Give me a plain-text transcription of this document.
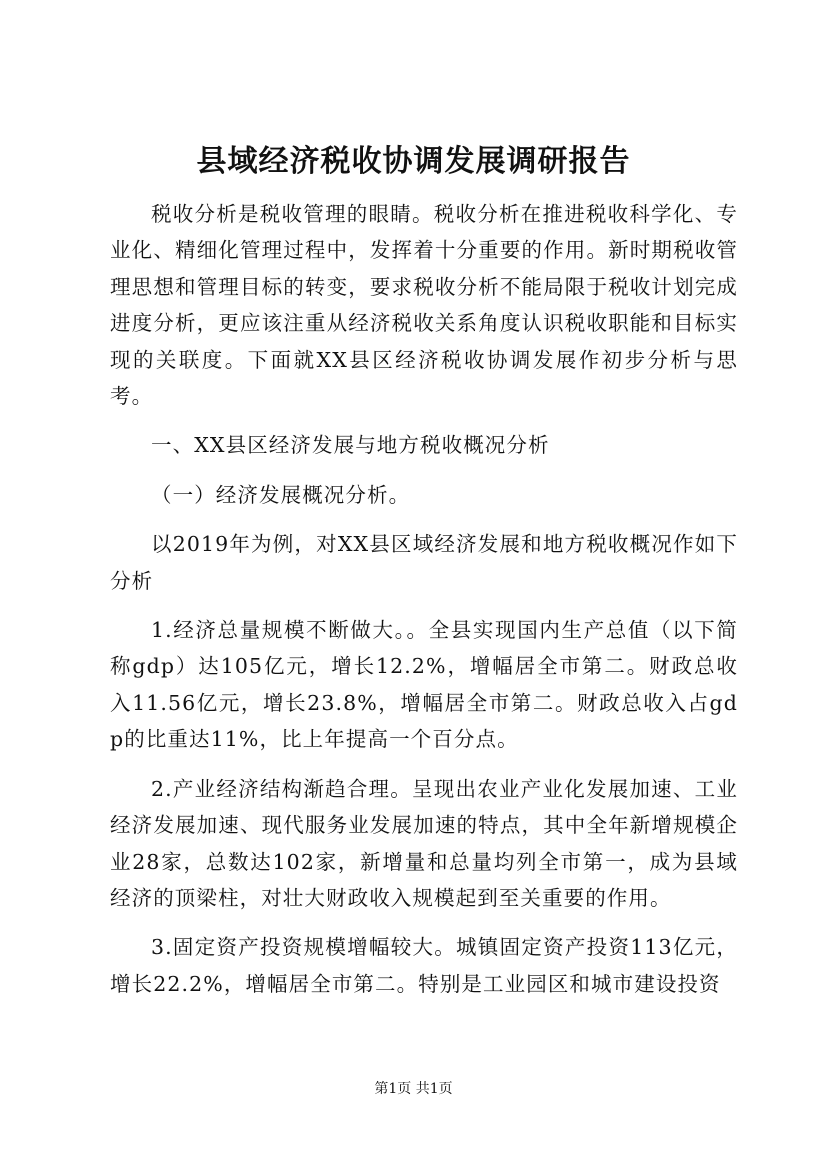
县域经济税收协调发展调研报告

税收分析是税收管理的眼睛。税收分析在推进税收科学化、专业化、精细化管理过程中，发挥着十分重要的作用。新时期税收管理思想和管理目标的转变，要求税收分析不能局限于税收计划完成进度分析，更应该注重从经济税收关系角度认识税收职能和目标实现的关联度。下面就XX县区经济税收协调发展作初步分析与思考。

一、XX县区经济发展与地方税收概况分析

（一）经济发展概况分析。

以2019年为例，对XX县区域经济发展和地方税收概况作如下分析

1.经济总量规模不断做大。。全县实现国内生产总值（以下简称gdp）达105亿元，增长12.2%，增幅居全市第二。财政总收入11.56亿元，增长23.8%，增幅居全市第二。财政总收入占gdp的比重达11%，比上年提高一个百分点。

2.产业经济结构渐趋合理。呈现出农业产业化发展加速、工业经济发展加速、现代服务业发展加速的特点，其中全年新增规模企业28家，总数达102家，新增量和总量均列全市第一，成为县域经济的顶梁柱，对壮大财政收入规模起到至关重要的作用。

3.固定资产投资规模增幅较大。城镇固定资产投资113亿元，增长22.2%，增幅居全市第二。特别是工业园区和城市建设投资

第1页 共1页
